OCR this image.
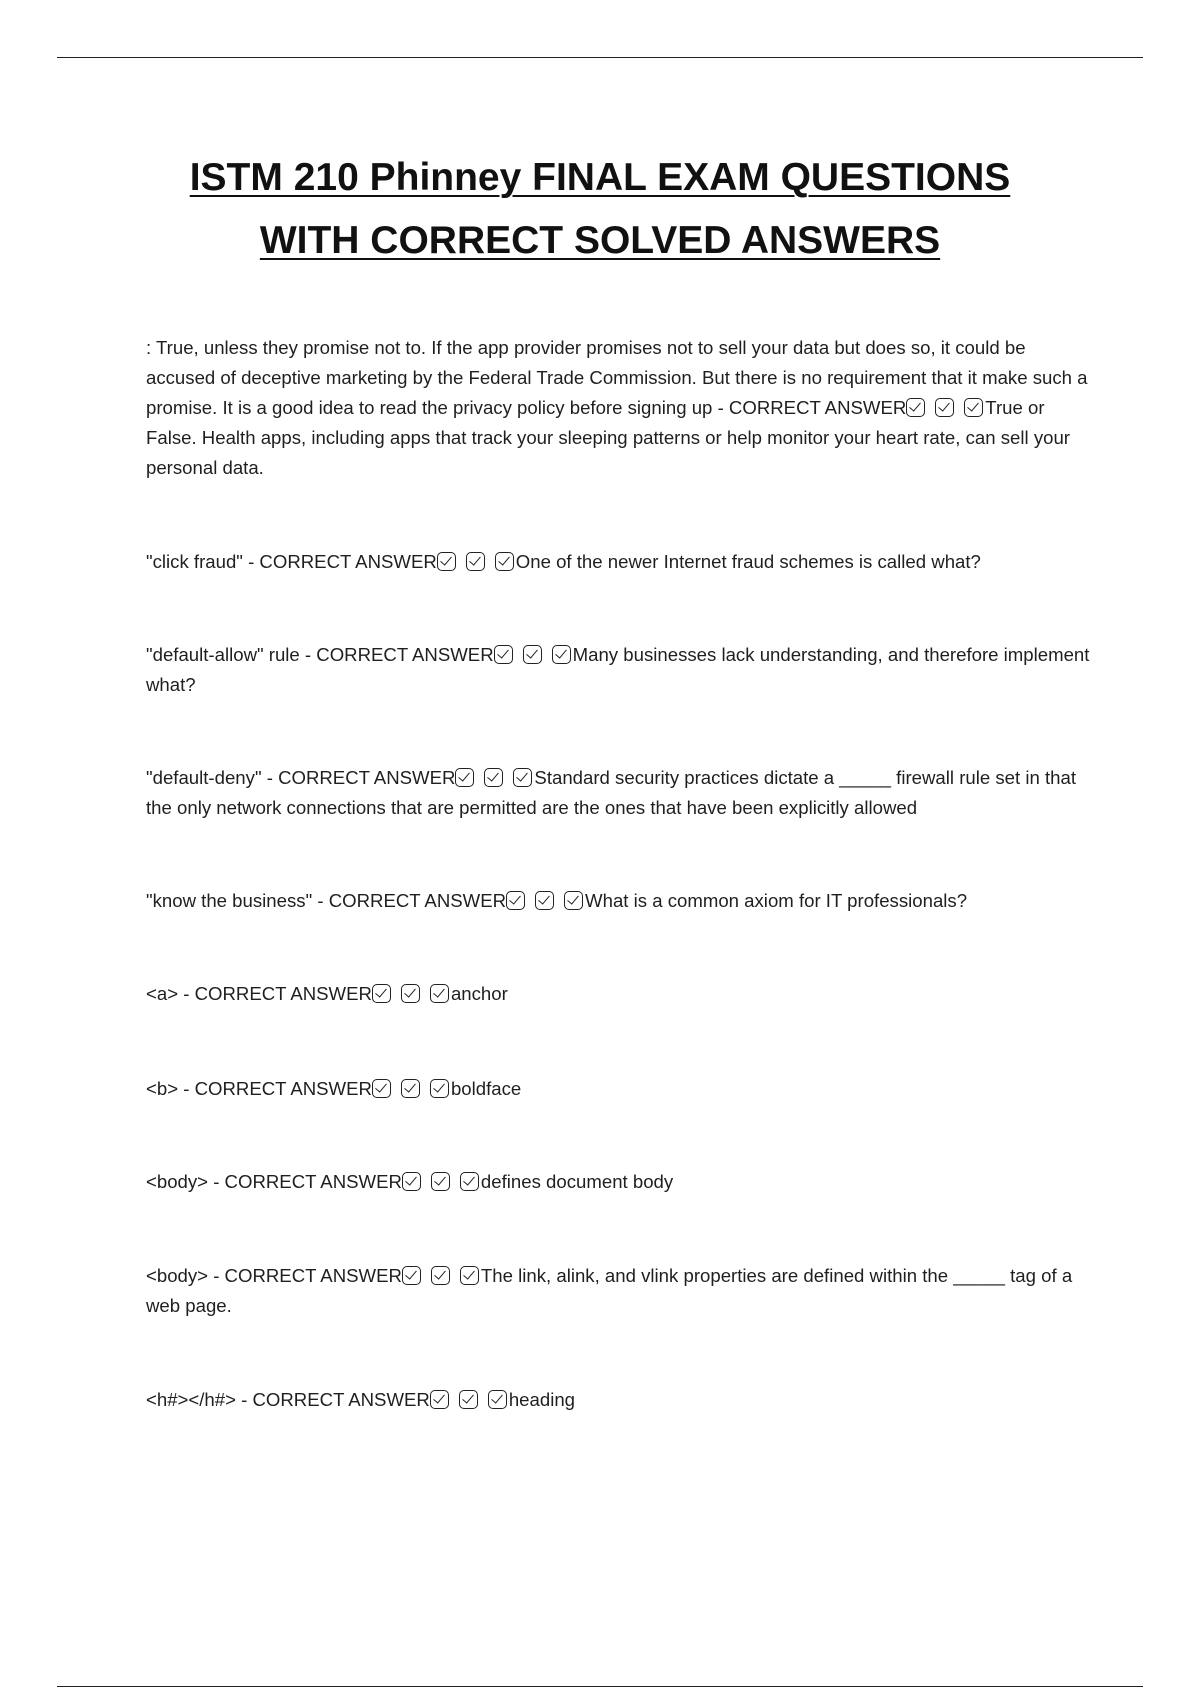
ISTM 210 Phinney FINAL EXAM QUESTIONS
WITH CORRECT SOLVED ANSWERS
: True, unless they promise not to. If the app provider promises not to sell your data but does so, it could be accused of deceptive marketing by the Federal Trade Commission. But there is no requirement that it make such a promise. It is a good idea to read the privacy policy before signing up - CORRECT ANSWER	True or False. Health apps, including apps that track your sleeping patterns or help monitor your heart rate, can sell your personal data.
"click fraud" - CORRECT ANSWER	One of the newer Internet fraud schemes is called what?
"default-allow" rule - CORRECT ANSWER	Many businesses lack understanding, and therefore implement what?
"default-deny" - CORRECT ANSWER	Standard security practices dictate a _____ firewall rule set in that the only network connections that are permitted are the ones that have been explicitly allowed
"know the business" - CORRECT ANSWER	What is a common axiom for IT professionals?
<a> - CORRECT ANSWER	anchor
<b> - CORRECT ANSWER	boldface
<body> - CORRECT ANSWER	defines document body
<body> - CORRECT ANSWER	The link, alink, and vlink properties are defined within the _____ tag of a web page.
<h#></h#> - CORRECT ANSWER	heading
